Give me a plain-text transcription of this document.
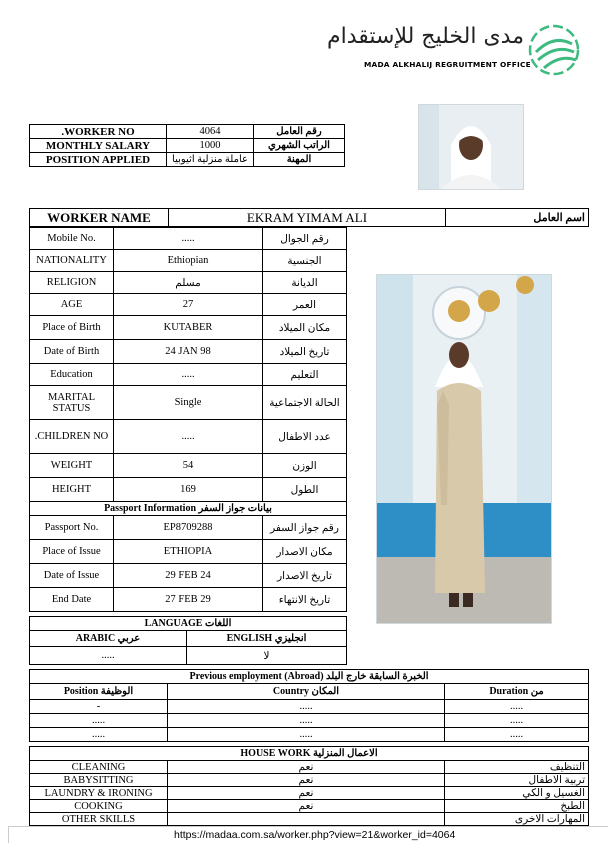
مدى الخليج للإستقدام
MADA ALKHALIJ REGRUITMENT OFFICE
.WORKER NO	4064	رقم العامل
MONTHLY SALARY	1000	الراتب الشهري
POSITION APPLIED	عاملة منزلية اثيوبيا	المهنة
WORKER NAME	EKRAM YIMAM ALI	اسم العامل
Mobile No.	.....	رقم الجوال
NATIONALITY	Ethiopian	الجنسية
RELIGION	مسلم	الديانة
AGE	27	العمر
Place of Birth	KUTABER	مكان الميلاد
Date of Birth	24 JAN 98	تاريخ الميلاد
Education	.....	التعليم
MARITAL STATUS	Single	الحالة الاجتماعية
.CHILDREN NO	.....	عدد الاطفال
WEIGHT	54	الوزن
HEIGHT	169	الطول
Passport Information بيانات جواز السفر		
Passport No.	EP8709288	رقم جواز السفر
Place of Issue	ETHIOPIA	مكان الاصدار
Date of Issue	29 FEB 24	تاريخ الاصدار
End Date	27 FEB 29	تاريخ الانتهاء
LANGUAGE اللغات	
ARABIC عربي	ENGLISH انجليزي
.....	لا
Previous employment (Abroad) الخبرة السابقة خارج البلد		
Position الوظيفة	Country المكان	Duration من
-	.....	.....
.....	.....	.....
.....	.....	.....
HOUSE WORK الاعمال المنزلية		
CLEANING	نعم	التنظيف
BABYSITTING	نعم	تربية الاطفال
LAUNDRY & IRONING	نعم	الغسيل و الكي
COOKING	نعم	الطبخ
OTHER SKILLS		المهارات الاخرى
https://madaa.com.sa/worker.php?view=21&worker_id=4064
